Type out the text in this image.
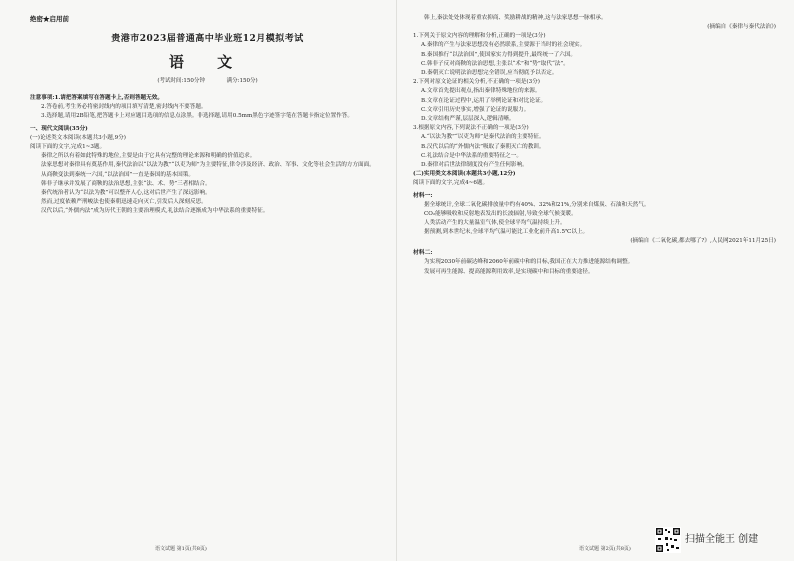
绝密★启用前
贵港市2023届普通高中毕业班12月模拟考试
语 文
(考试时间:150分钟	满分:150分)

注意事项:1.请把答案填写在答题卡上,否则答题无效。

2.答卷前,考生务必将密封线内的项目填写清楚,密封线内不要答题。

3.选择题,请用2B铅笔,把答题卡上对应题目选项的信息点涂黑。非选择题,请用0.5mm黑色字迹签字笔在答题卡指定位置作答。

一、现代文阅读(35分)

(一)论述类文本阅读(本题共3小题,9分)

阅读下面的文字,完成1~3题。

秦律之所以有着如此特殊的地位,主要是由于它具有完整的理论来源和明确的价值追求。

法家思想对秦律具有奠基作用,秦代法治以“以法为教”“以吏为师”为主要特征,律令涉及经济、政治、军事、文化等社会生活的方方面面。

从商鞅变法到秦统一六国,“以法治国”一直是秦国的基本国策。

韩非子继承并发展了商鞅的法治思想,主张“法、术、势”三者相结合。

秦代统治者认为“以法为教”可以整齐人心,这对后世产生了深远影响。

然而,过度依赖严刑峻法也使秦朝迅速走向灭亡,引发后人深刻反思。

汉代以后,“外儒内法”成为历代王朝的主要治理模式,礼法结合逐渐成为中华法系的重要特征。

语文试题 第1页(共8页)

韩上,秦法处处体现着重农抑商、奖励耕战的精神,这与法家思想一脉相承。

(摘编自《秦律与秦代法治》)

1.下列关于原文内容的理解和分析,正确的一项是(3分)

A.秦律的产生与法家思想没有必然联系,主要源于当时的社会现实。

B.秦国推行“以法治国”,使国家实力得到提升,最终统一了六国。

C.韩非子反对商鞅的法治思想,主张以“术”和“势”取代“法”。

D.秦朝灭亡说明法治思想完全错误,应当彻底予以否定。

2.下列对原文论证的相关分析,不正确的一项是(3分)

A.文章首先提出观点,指出秦律特殊地位的来源。

B.文章在论证过程中,运用了举例论证和对比论证。

C.文章引用历史事实,增强了论证的说服力。

D.文章结构严谨,层层深入,逻辑清晰。

3.根据原文内容,下列说法不正确的一项是(3分)

A.“以法为教”“以吏为师”是秦代法治的主要特征。

B.汉代以后的“外儒内法”吸取了秦朝灭亡的教训。

C.礼法结合是中华法系的重要特征之一。

D.秦律对后世法律制度没有产生任何影响。

(二)实用类文本阅读(本题共3小题,12分)

阅读下面的文字,完成4~6题。

材料一:

据全球统计,全球二氧化碳排放量中约有40%、32%和21%,分别来自煤炭、石油和天然气。

CO₂能够吸收和反射地表发出的长波辐射,导致全球气候变暖。

人类活动产生的大量温室气体,使全球平均气温持续上升。

据预测,到本世纪末,全球平均气温可能比工业化前升高1.5℃以上。

(摘编自《二氧化碳,都去哪了?》,人民网2021年11月25日)
材料二:

为实现2030年前碳达峰和2060年前碳中和的目标,我国正在大力推进能源结构调整。

发展可再生能源、提高能源利用效率,是实现碳中和目标的重要途径。

语文试题 第2页(共8页)
扫描全能王 创建
